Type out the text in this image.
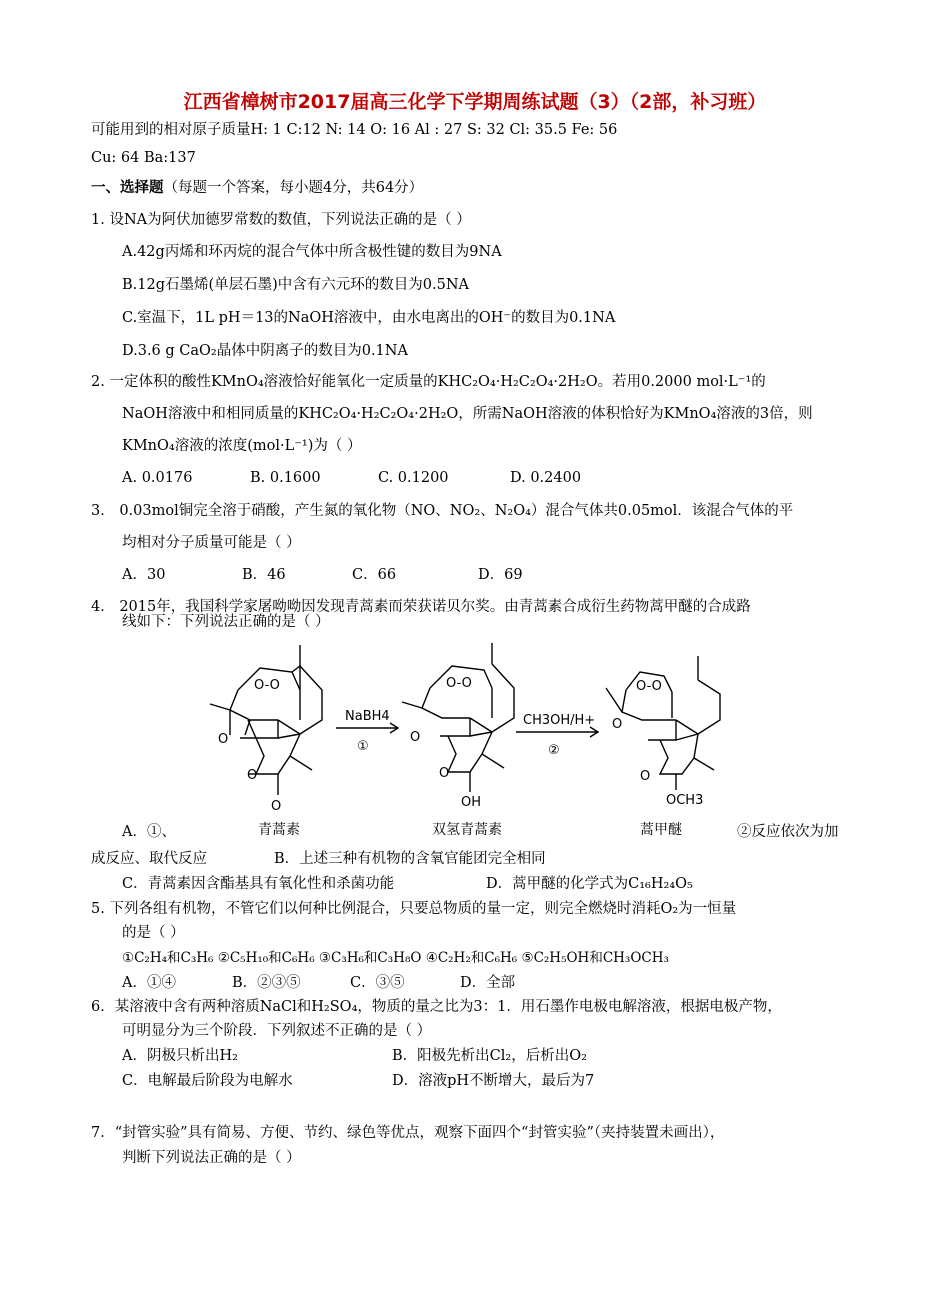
江西省樟树市2017届高三化学下学期周练试题（3）（2部，补习班）
可能用到的相对原子质量H: 1 C:12 N: 14 O: 16 Al : 27 S: 32 Cl: 35.5 Fe: 56
Cu: 64 Ba:137
一、选择题（每题一个答案，每小题4分，共64分）
1. 设NA为阿伏加德罗常数的数值，下列说法正确的是（ ）
A.42g丙烯和环丙烷的混合气体中所含极性键的数目为9NA
B.12g石墨烯(单层石墨)中含有六元环的数目为0.5NA
C.室温下，1L pH＝13的NaOH溶液中，由水电离出的OH⁻的数目为0.1NA
D.3.6 g CaO₂晶体中阴离子的数目为0.1NA
2. 一定体积的酸性KMnO₄溶液恰好能氧化一定质量的KHC₂O₄·H₂C₂O₄·2H₂O。若用0.2000 mol·L⁻¹的
NaOH溶液中和相同质量的KHC₂O₄·H₂C₂O₄·2H₂O，所需NaOH溶液的体积恰好为KMnO₄溶液的3倍，则
KMnO₄溶液的浓度(mol·L⁻¹)为（ ）
A. 0.0176	B. 0.1600	C. 0.1200	D. 0.2400
3． 0.03mol铜完全溶于硝酸，产生氮的氧化物（NO、NO₂、N₂O₄）混合气体共0.05mol．该混合气体的平
均相对分子质量可能是（ ）
A．30	B．46	C．66	D．69
4． 2015年，我国科学家屠呦呦因发现青蒿素而荣获诺贝尔奖。由青蒿素合成衍生药物蒿甲醚的合成路
线如下：下列说法正确的是（ ）
O-O
O
O
O
NaBH4
①
O-O
O
O
OH
CH3OH/H+
②
O-O
O
O
OCH3
青蒿素	双氢青蒿素	蒿甲醚
A．①、	②反应依次为加
成反应、取代反应	B．上述三种有机物的含氧官能团完全相同
C．青蒿素因含酯基具有氧化性和杀菌功能	D．蒿甲醚的化学式为C₁₆H₂₄O₅
5. 下列各组有机物，不管它们以何种比例混合，只要总物质的量一定，则完全燃烧时消耗O₂为一恒量
的是（ ）
①C₂H₄和C₃H₆ ②C₅H₁₀和C₆H₆ ③C₃H₆和C₃H₈O ④C₂H₂和C₆H₆ ⑤C₂H₅OH和CH₃OCH₃
A．①④	B．②③⑤	C．③⑤	D．全部
6．某溶液中含有两种溶质NaCl和H₂SO₄，物质的量之比为3：1．用石墨作电极电解溶液，根据电极产物，
可明显分为三个阶段．下列叙述不正确的是（ ）
A．阴极只析出H₂	B．阳极先析出Cl₂，后析出O₂
C．电解最后阶段为电解水	D．溶液pH不断增大，最后为7
7．“封管实验”具有简易、方便、节约、绿色等优点，观察下面四个“封管实验”（夹持装置未画出），
判断下列说法正确的是（ ）
